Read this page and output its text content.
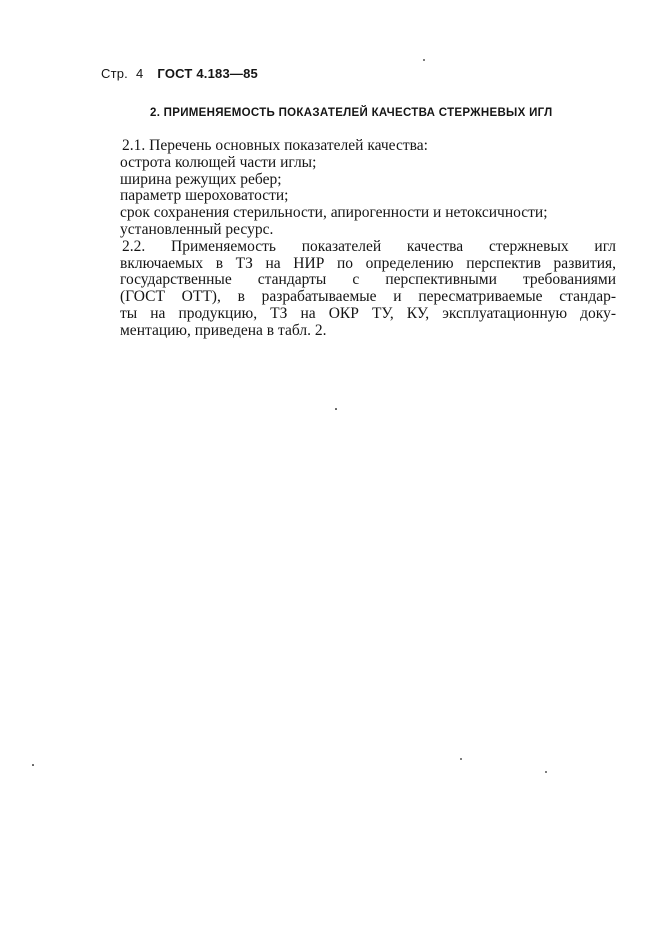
Стр. 4 ГОСТ 4.183—85
2. ПРИМЕНЯЕМОСТЬ ПОКАЗАТЕЛЕЙ КАЧЕСТВА СТЕРЖНЕВЫХ ИГЛ
2.1. Перечень основных показателей качества:
острота колющей части иглы;
ширина режущих ребер;
параметр шероховатости;
срок сохранения стерильности, апирогенности и нетоксичности;
установленный ресурс.
2.2. Применяемость показателей качества стержневых игл
включаемых в ТЗ на НИР по определению перспектив развития,
государственные стандарты с перспективными требованиями
(ГОСТ ОТТ), в разрабатываемые и пересматриваемые стандар-
ты на продукцию, ТЗ на ОКР ТУ, КУ, эксплуатационную доку-
ментацию, приведена в табл. 2.
